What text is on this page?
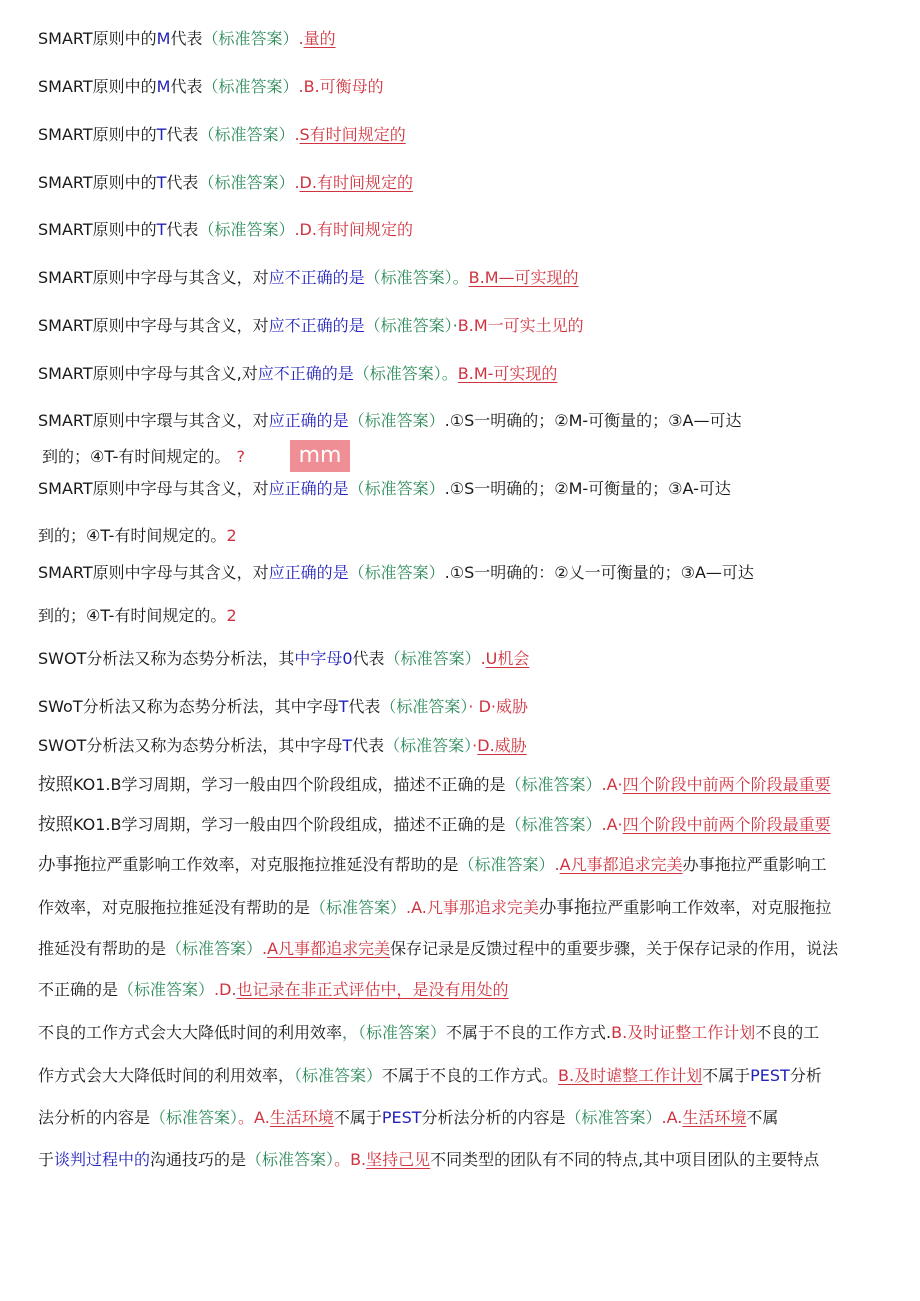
SMART原则中的M代表（标准答案）.量的
SMART原则中的M代表（标准答案）.B.可衡母的
SMART原则中的T代表（标准答案）.S有时间规定的
SMART原则中的T代表（标准答案）.D.有时间规定的
SMART原则中的T代表（标准答案）.D.有时间规定的
SMART原则中字母与其含义，对应不正确的是（标准答案）。B.M—可实现的
SMART原则中字母与其含义，对应不正确的是（标准答案）·B.M一可实土见的
SMART原则中字母与其含义,对应不正确的是（标准答案）。B.M-可实现的
SMART原则中字環与其含义，对应正确的是（标准答案）.①S一明确的；②M-可衡量的；③A—可达
到的；④T-有时间规定的。 ?	mm
SMART原则中字母与其含义，对应正确的是（标准答案）.①S一明确的；②M-可衡量的；③A-可达
到的；④T-有时间规定的。2
SMART原则中字母与其含义，对应正确的是（标准答案）.①S一明确的：②乂一可衡量的；③A—可达
到的；④T-有时间规定的。2
SWOT分析法又称为态势分析法，其中字母0代表（标准答案）.U机会
SWoT分析法又称为态势分析法，其中字母T代表（标准答案）· D·威胁
SWOT分析法又称为态势分析法，其中字母T代表（标准答案）·D.威胁
按照KO1.B学习周期，学习一般由四个阶段组成，描述不正确的是（标准答案）.A·四个阶段中前两个阶段最重要
按照KO1.B学习周期，学习一般由四个阶段组成，描述不正确的是（标准答案）.A·四个阶段中前两个阶段最重要
办事拖拉严重影响工作效率，对克服拖拉推延没有帮助的是（标准答案）.A凡事都追求完美办事拖拉严重影响工
作效率，对克服拖拉推延没有帮助的是（标准答案）.A.凡事那追求完美办事拖拉严重影响工作效率，对克服拖拉
推延没有帮助的是（标准答案）.A凡事都追求完美保存记录是反馈过程中的重要步骤，关于保存记录的作用，说法
不正确的是（标准答案）.D.也记录在非正式评估中，是没有用处的
不良的工作方式会大大降低时间的利用效率，（标准答案）不属于不良的工作方式.B.及时证整工作计划不良的工
作方式会大大降低时间的利用效率，（标准答案）不属于不良的工作方式。B.及时谑整工作计划不属于PEST分析
法分析的内容是（标准答案）。A.生活环境不属于PEST分析法分析的内容是（标准答案）.A.生活环境不属
于谈判过程中的沟通技巧的是（标准答案）。B.坚持己见不同类型的团队有不同的特点,其中项目团队的主要特点
